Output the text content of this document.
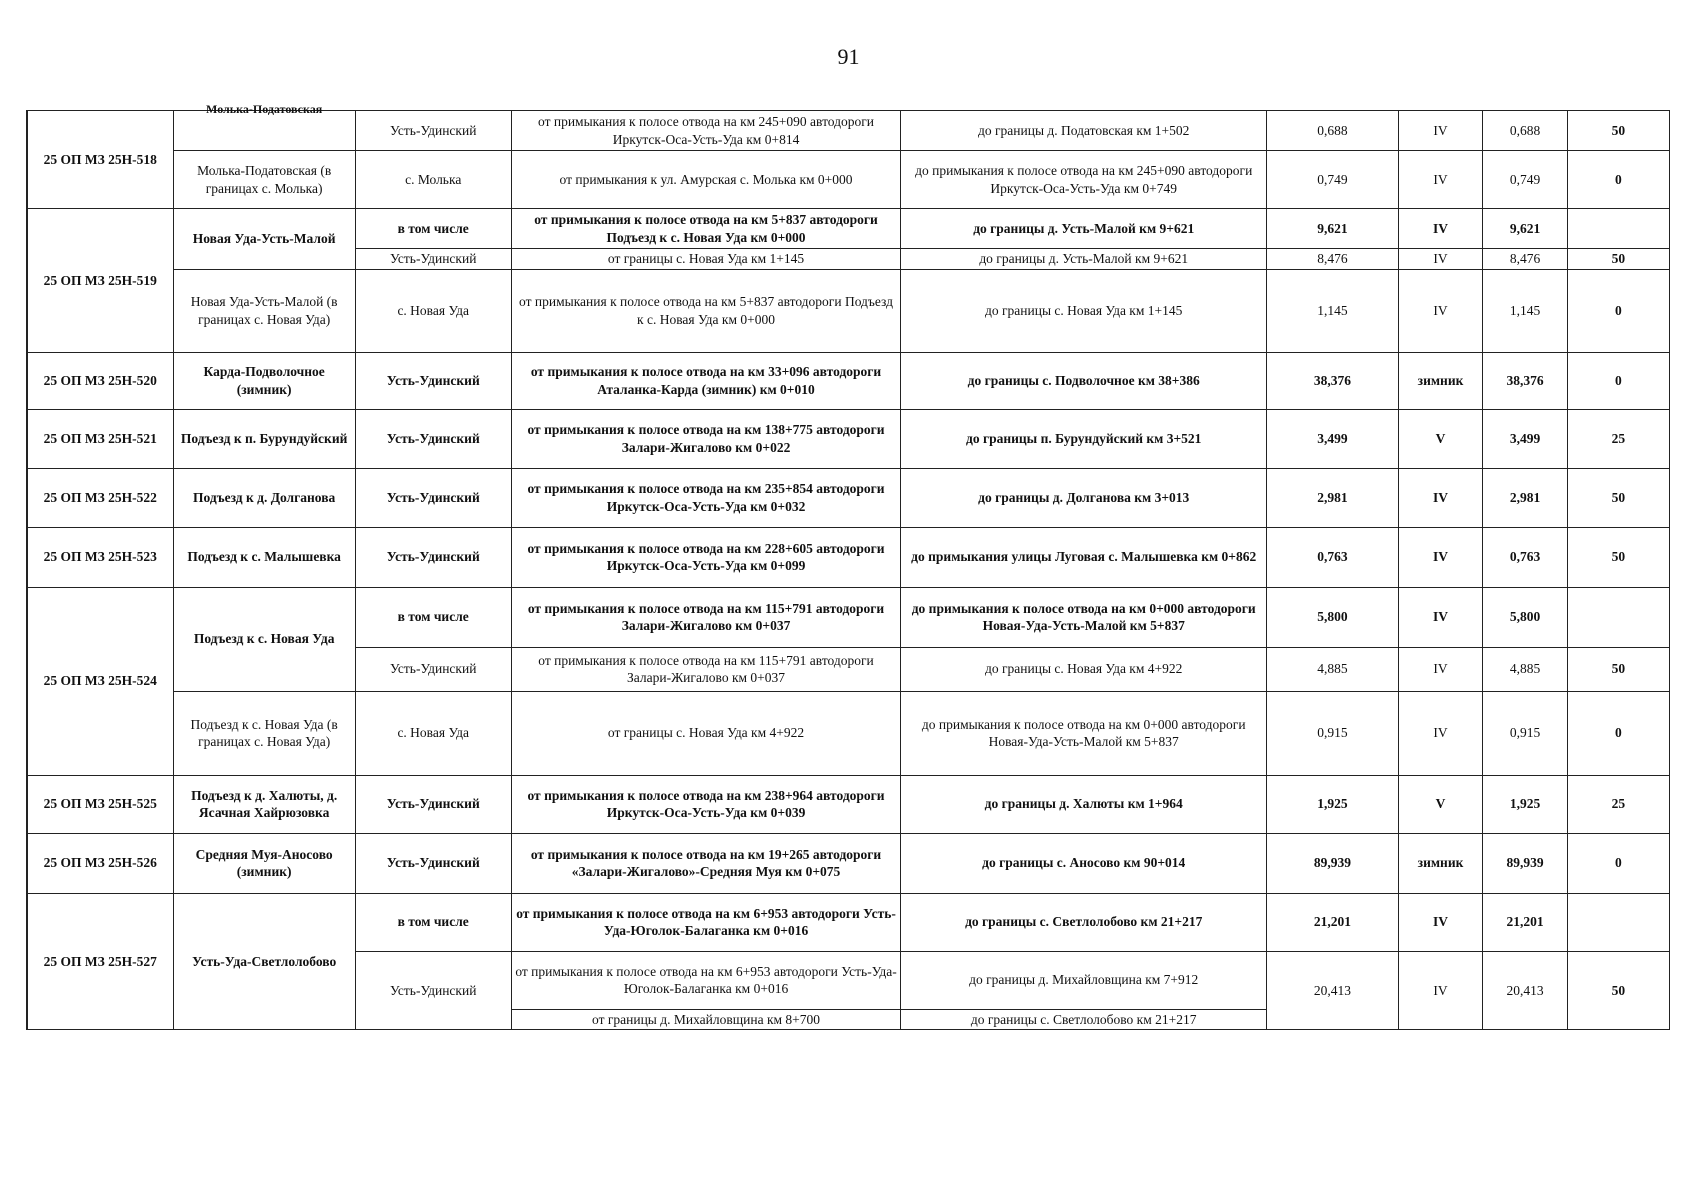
91
25 ОП МЗ 25Н-518	Молька-Податовская	Усть-Удинский	от примыкания к полосе отвода на км 245+090 автодороги Иркутск-Оса-Усть-Уда км 0+814	до границы д. Податовская км 1+502	0,688	IV	0,688	50
	Молька-Податовская (в границах с. Молька)	с. Молька	от примыкания к ул. Амурская с. Молька км 0+000	до примыкания к полосе отвода на км 245+090 автодороги Иркутск-Оса-Усть-Уда км 0+749	0,749	IV	0,749	0
25 ОП МЗ 25Н-519	Новая Уда-Усть-Малой	в том числе	от примыкания к полосе отвода на км 5+837 автодороги Подъезд к с. Новая Уда км 0+000	до границы д. Усть-Малой км 9+621	9,621	IV	9,621	
		Усть-Удинский	от границы с. Новая Уда км 1+145	до границы д. Усть-Малой км 9+621	8,476	IV	8,476	50
	Новая Уда-Усть-Малой (в границах с. Новая Уда)	с. Новая Уда	от примыкания к полосе отвода на км 5+837 автодороги Подъезд к с. Новая Уда км 0+000	до границы с. Новая Уда км 1+145	1,145	IV	1,145	0
25 ОП МЗ 25Н-520	Карда-Подволочное (зимник)	Усть-Удинский	от примыкания к полосе отвода на км 33+096 автодороги Аталанка-Карда (зимник) км 0+010	до границы с. Подволочное км 38+386	38,376	зимник	38,376	0
25 ОП МЗ 25Н-521	Подъезд к п. Бурундуйский	Усть-Удинский	от примыкания к полосе отвода на км 138+775 автодороги Залари-Жигалово км 0+022	до границы п. Бурундуйский км 3+521	3,499	V	3,499	25
25 ОП МЗ 25Н-522	Подъезд к д. Долганова	Усть-Удинский	от примыкания к полосе отвода на км 235+854 автодороги Иркутск-Оса-Усть-Уда км 0+032	до границы д. Долганова км 3+013	2,981	IV	2,981	50
25 ОП МЗ 25Н-523	Подъезд к с. Малышевка	Усть-Удинский	от примыкания к полосе отвода на км 228+605 автодороги Иркутск-Оса-Усть-Уда км 0+099	до примыкания улицы Луговая с. Малышевка км 0+862	0,763	IV	0,763	50
25 ОП МЗ 25Н-524	Подъезд к с. Новая Уда	в том числе	от примыкания к полосе отвода на км 115+791 автодороги Залари-Жигалово км 0+037	до примыкания к полосе отвода на км 0+000 автодороги Новая-Уда-Усть-Малой км 5+837	5,800	IV	5,800	
		Усть-Удинский	от примыкания к полосе отвода на км 115+791 автодороги Залари-Жигалово км 0+037	до границы с. Новая Уда км 4+922	4,885	IV	4,885	50
	Подъезд к с. Новая Уда (в границах с. Новая Уда)	с. Новая Уда	от границы с. Новая Уда км 4+922	до примыкания к полосе отвода на км 0+000 автодороги Новая-Уда-Усть-Малой км 5+837	0,915	IV	0,915	0
25 ОП МЗ 25Н-525	Подъезд к д. Халюты, д. Ясачная Хайрюзовка	Усть-Удинский	от примыкания к полосе отвода на км 238+964 автодороги Иркутск-Оса-Усть-Уда км 0+039	до границы д. Халюты км 1+964	1,925	V	1,925	25
25 ОП МЗ 25Н-526	Средняя Муя-Аносово (зимник)	Усть-Удинский	от примыкания к полосе отвода на км 19+265 автодороги «Залари-Жигалово»-Средняя Муя км 0+075	до границы с. Аносово км 90+014	89,939	зимник	89,939	0
25 ОП МЗ 25Н-527	Усть-Уда-Светлолобово	в том числе	от примыкания к полосе отвода на км 6+953 автодороги Усть-Уда-Юголок-Балаганка км 0+016	до границы с. Светлолобово км 21+217	21,201	IV	21,201	
		Усть-Удинский	от примыкания к полосе отвода на км 6+953 автодороги Усть-Уда-Юголок-Балаганка км 0+016	до границы д. Михайловщина км 7+912	20,413	IV	20,413	50
			от границы д. Михайловщина км 8+700	до границы с. Светлолобово км 21+217				
